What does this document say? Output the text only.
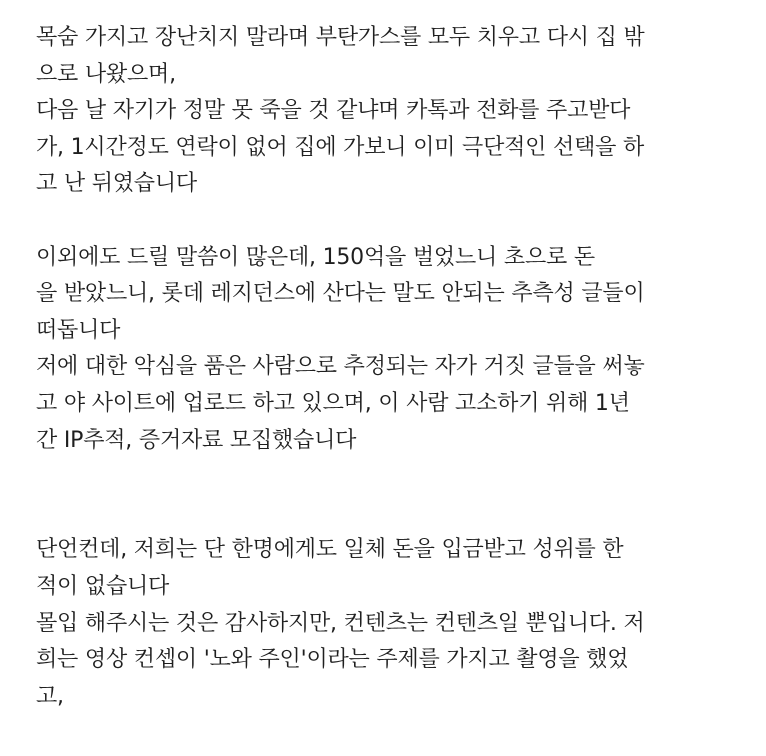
목숨 가지고 장난치지 말라며 부탄가스를 모두 치우고 다시 집 밖
으로 나왔으며,
다음 날 자기가 정말 못 죽을 것 같냐며 카톡과 전화를 주고받다
가, 1시간정도 연락이 없어 집에 가보니 이미 극단적인 선택을 하
고 난 뒤였습니다
이외에도 드릴 말씀이 많은데, 150억을 벌었느니 초으로 돈
을 받았느니, 롯데 레지던스에 산다는 말도 안되는 추측성 글들이
떠돕니다
저에 대한 악심을 품은 사람으로 추정되는 자가 거짓 글들을 써놓
고 야 사이트에 업로드 하고 있으며, 이 사람 고소하기 위해 1년
간 IP추적, 증거자료 모집했습니다
단언컨데, 저희는 단 한명에게도 일체 돈을 입금받고 성위를 한
적이 없습니다
몰입 해주시는 것은 감사하지만, 컨텐츠는 컨텐츠일 뿐입니다. 저
희는 영상 컨셉이 '노와 주인'이라는 주제를 가지고 촬영을 했었
고,
